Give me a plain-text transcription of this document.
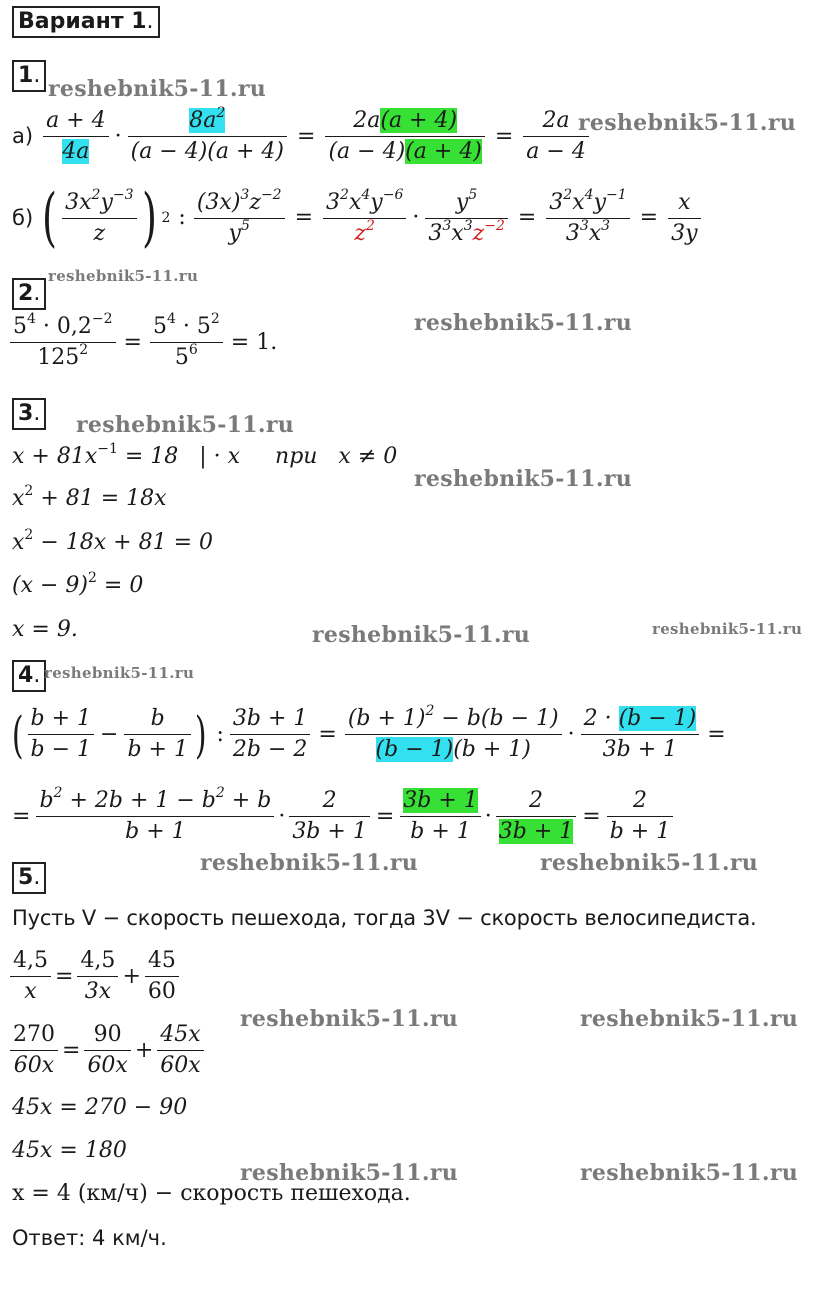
Вариант 1.
1.
reshebnik5-11.ru
$а) \frac{a + 4}{4a} \cdot \frac{8a^2}{(a - 4)(a + 4)} = \frac{2a(a + 4)}{(a - 4)(a + 4)} = \frac{2a}{a - 4}$
reshebnik5-11.ru
б) ( $\frac{3x^2y^{-3}}{z}$ ) 2 : $\frac{(3x)^3z^{-2}}{y^5} = \frac{3^2x^4y^{-6}}{z^2} \cdot \frac{y^5}{3^3x^3z^{-2}} = \frac{3^2x^4y^{-1}}{3^3x^3} = \frac{x}{3y}$
reshebnik5-11.ru
2.
$\frac{5^4 \cdot 0,2^{-2}}{125^2} = \frac{5^4 \cdot 5^2}{5^6} = 1$.
reshebnik5-11.ru
3. reshebnik5-11.ru
$x + 81x^{-1} = 18$   | · x     при   x ≠ 0
reshebnik5-11.ru
$x^2 + 81 = 18x$
$x^2 - 18x + 81 = 0$
$(x - 9)^2 = 0$
x = 9.	reshebnik5-11.ru	reshebnik5-11.ru
4. reshebnik5-11.ru
( $\frac{b + 1}{b - 1} - \frac{b}{b + 1}$ ) : $\frac{3b + 1}{2b - 2} = \frac{(b + 1)^2 - b(b - 1)}{(b - 1)(b + 1)} \cdot \frac{2 \cdot (b - 1)}{3b + 1}$ =
= $\frac{b^2 + 2b + 1 - b^2 + b}{b + 1} \cdot \frac{2}{3b + 1} = \frac{3b + 1}{b + 1} \cdot \frac{2}{3b + 1} = \frac{2}{b + 1}$
5.
reshebnik5-11.ru	reshebnik5-11.ru
Пусть V − скорость пешехода, тогда 3V − скорость велосипедиста.
$\frac{4,5}{x} = \frac{4,5}{3x} + \frac{45}{60}$
reshebnik5-11.ru	reshebnik5-11.ru
$\frac{270}{60x} = \frac{90}{60x} + \frac{45x}{60x}$
45x = 270 − 90
45x = 180
reshebnik5-11.ru	reshebnik5-11.ru
x = 4 (км/ч) − скорость пешехода.
Ответ: 4 км/ч.
